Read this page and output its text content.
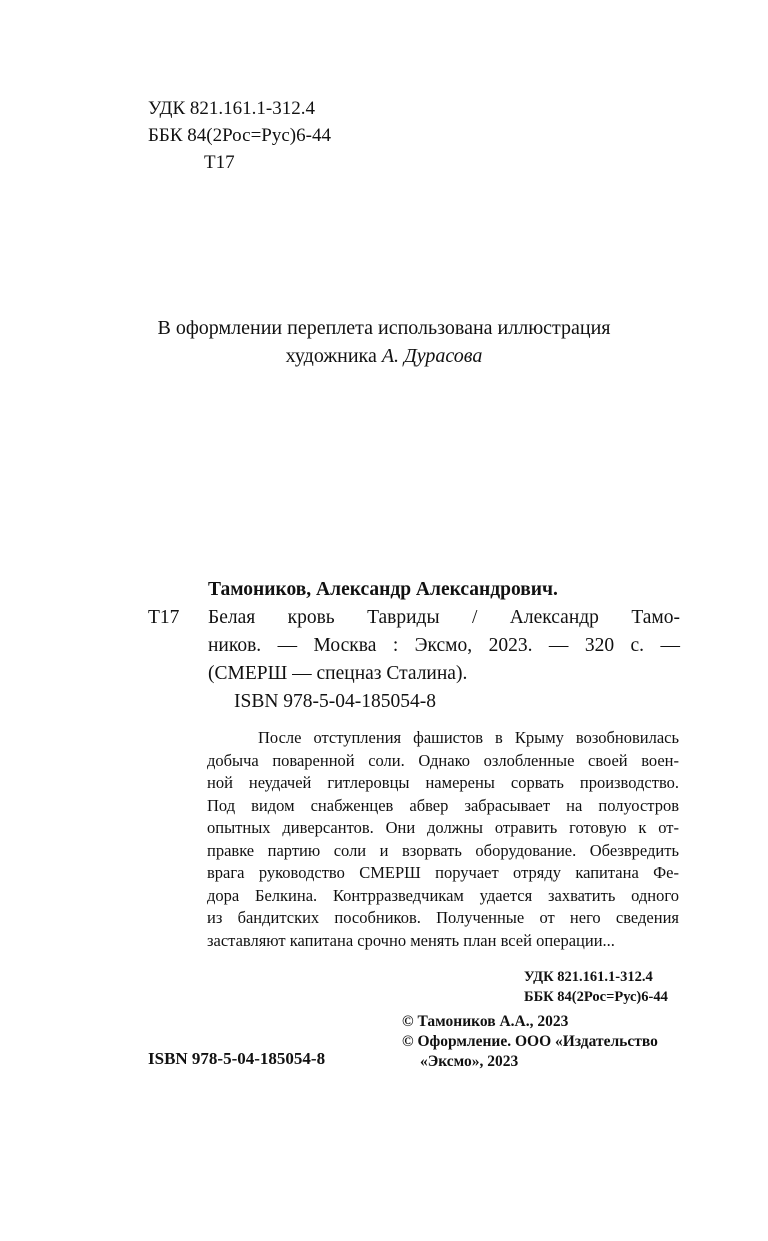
УДК 821.161.1-312.4
ББК 84(2Рос=Рус)6-44
Т17
В оформлении переплета использована иллюстрация
художника А. Дурасова
Тамоников, Александр Александрович.
Т17 Белая кровь Тавриды / Александр Тамо-
ников. — Москва : Эксмо, 2023. — 320 с. —
(СМЕРШ — спецназ Сталина).
ISBN 978-5-04-185054-8
После отступления фашистов в Крыму возобновилась
добыча поваренной соли. Однако озлобленные своей воен-
ной неудачей гитлеровцы намерены сорвать производство.
Под видом снабженцев абвер забрасывает на полуостров
опытных диверсантов. Они должны отравить готовую к от-
правке партию соли и взорвать оборудование. Обезвредить
врага руководство СМЕРШ поручает отряду капитана Фе-
дора Белкина. Контрразведчикам удается захватить одного
из бандитских пособников. Полученные от него сведения
заставляют капитана срочно менять план всей операции...
УДК 821.161.1-312.4
ББК 84(2Рос=Рус)6-44
© Тамоников А.А., 2023
© Оформление. ООО «Издательство
«Эксмо», 2023
ISBN 978-5-04-185054-8
